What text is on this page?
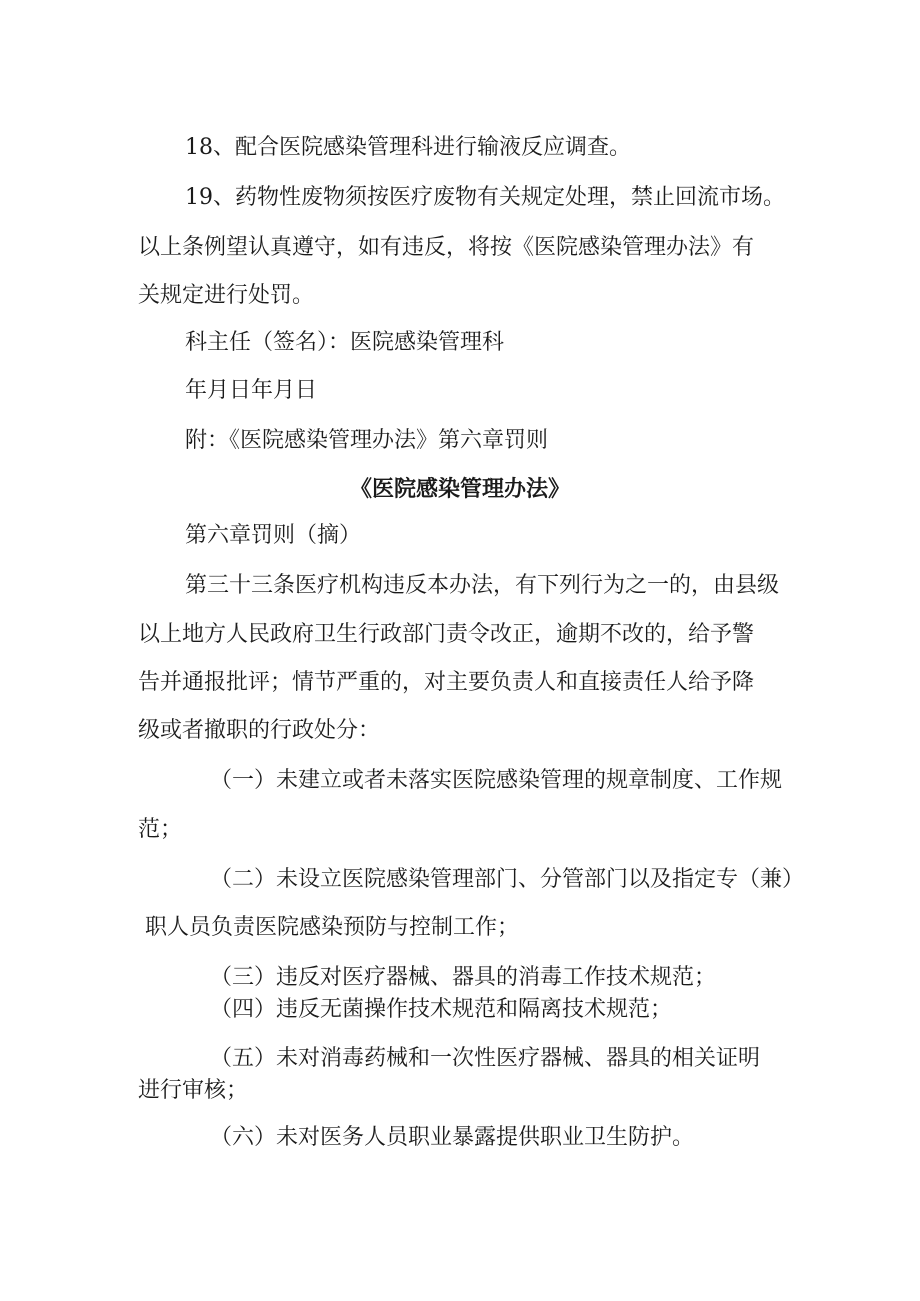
18、配合医院感染管理科进行输液反应调查。
19、药物性废物须按医疗废物有关规定处理，禁止回流市场。
以上条例望认真遵守，如有违反，将按《医院感染管理办法》有
关规定进行处罚。
科主任（签名）：医院感染管理科
年月日年月日
附：《医院感染管理办法》第六章罚则
《医院感染管理办法》
第六章罚则（摘）
第三十三条医疗机构违反本办法，有下列行为之一的，由县级
以上地方人民政府卫生行政部门责令改正，逾期不改的，给予警
告并通报批评；情节严重的，对主要负责人和直接责任人给予降
级或者撤职的行政处分：
（一）未建立或者未落实医院感染管理的规章制度、工作规
范；
（二）未设立医院感染管理部门、分管部门以及指定专（兼）
职人员负责医院感染预防与控制工作；
（三）违反对医疗器械、器具的消毒工作技术规范；
（四）违反无菌操作技术规范和隔离技术规范；
（五）未对消毒药械和一次性医疗器械、器具的相关证明
进行审核；
（六）未对医务人员职业暴露提供职业卫生防护。
